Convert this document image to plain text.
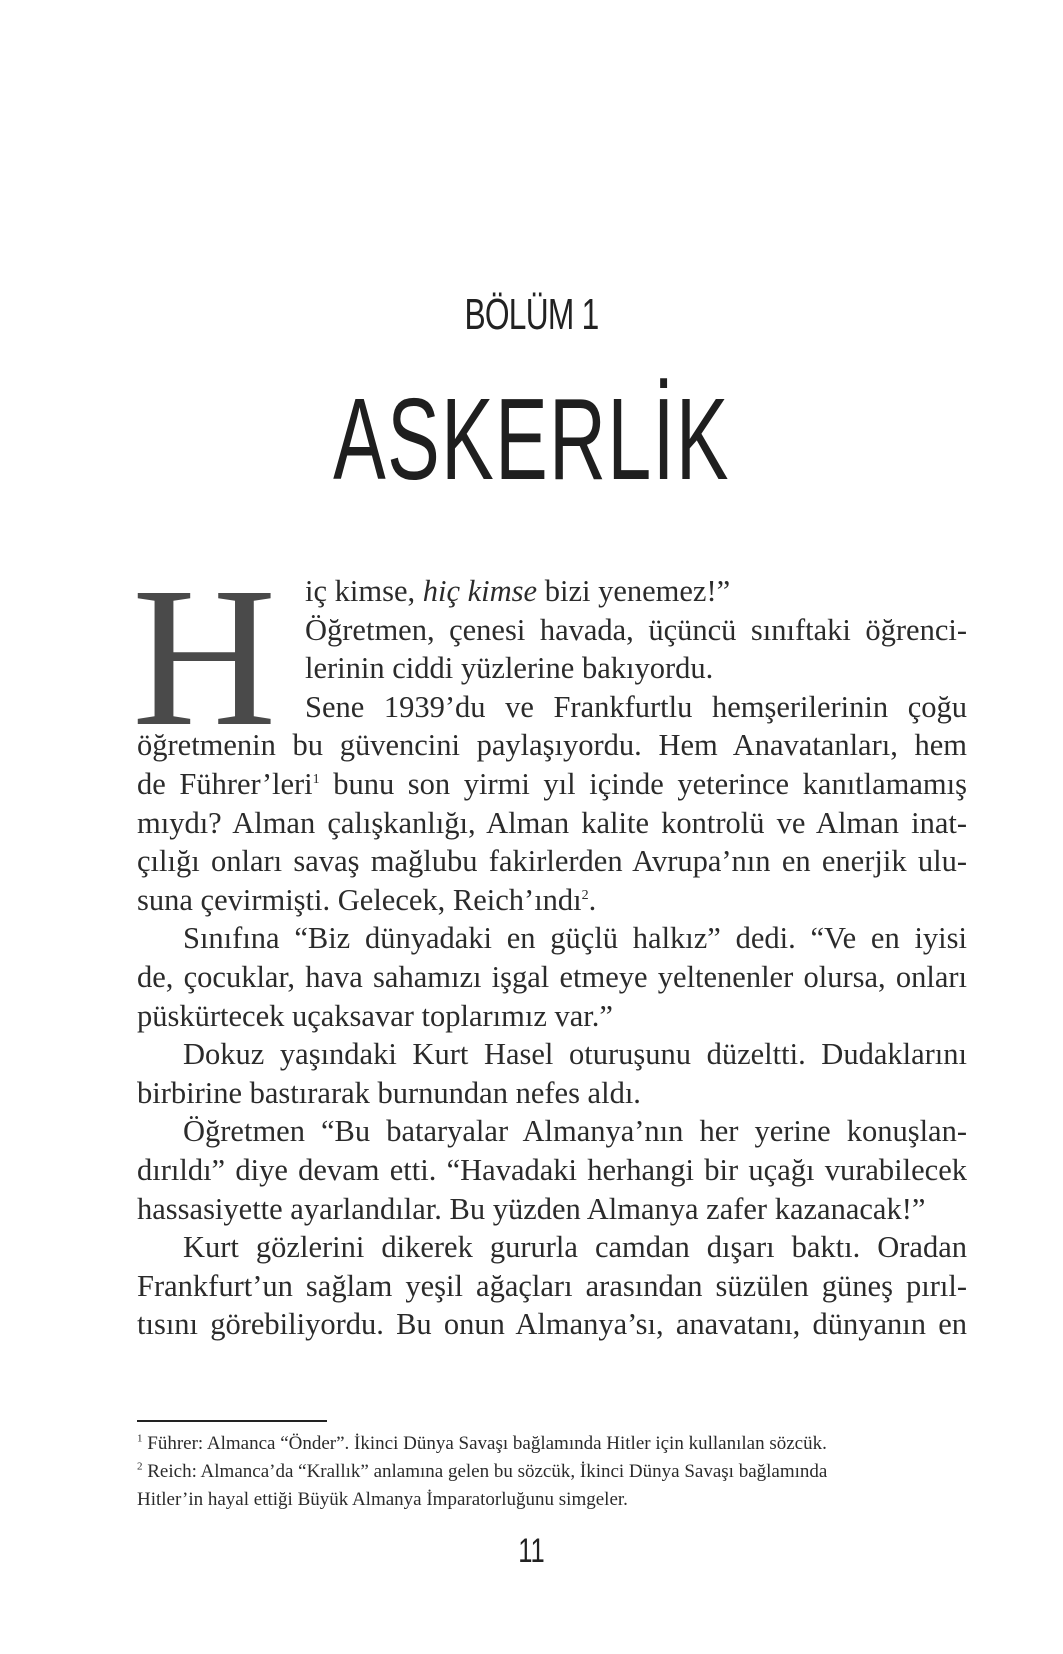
BÖLÜM 1
ASKERLİK
H iç kimse, hiç kimse bizi yenemez!”
Öğretmen, çenesi havada, üçüncü sınıftaki öğrenci-
lerinin ciddi yüzlerine bakıyordu.
Sene 1939’du ve Frankfurtlu hemşerilerinin çoğu
öğretmenin bu güvencini paylaşıyordu. Hem Anavatanları, hem
de Führer’leri$^1$ bunu son yirmi yıl içinde yeterince kanıtlamamış
mıydı? Alman çalışkanlığı, Alman kalite kontrolü ve Alman inat-
çılığı onları savaş mağlubu fakirlerden Avrupa’nın en enerjik ulu-
suna çevirmişti. Gelecek, Reich’ındı$^2$.
Sınıfına “Biz dünyadaki en güçlü halkız” dedi. “Ve en iyisi
de, çocuklar, hava sahamızı işgal etmeye yeltenenler olursa, onları
püskürtecek uçaksavar toplarımız var.”
Dokuz yaşındaki Kurt Hasel oturuşunu düzeltti. Dudaklarını
birbirine bastırarak burnundan nefes aldı.
Öğretmen “Bu bataryalar Almanya’nın her yerine konuşlan-
dırıldı” diye devam etti. “Havadaki herhangi bir uçağı vurabilecek
hassasiyette ayarlandılar. Bu yüzden Almanya zafer kazanacak!”
Kurt gözlerini dikerek gururla camdan dışarı baktı. Oradan
Frankfurt’un sağlam yeşil ağaçları arasından süzülen güneş pırıl-
tısını görebiliyordu. Bu onun Almanya’sı, anavatanı, dünyanın en
$^1$ Führer: Almanca “Önder”. İkinci Dünya Savaşı bağlamında Hitler için kullanılan sözcük.
$^2$ Reich: Almanca’da “Krallık” anlamına gelen bu sözcük, İkinci Dünya Savaşı bağlamında
Hitler’in hayal ettiği Büyük Almanya İmparatorluğunu simgeler.
11
